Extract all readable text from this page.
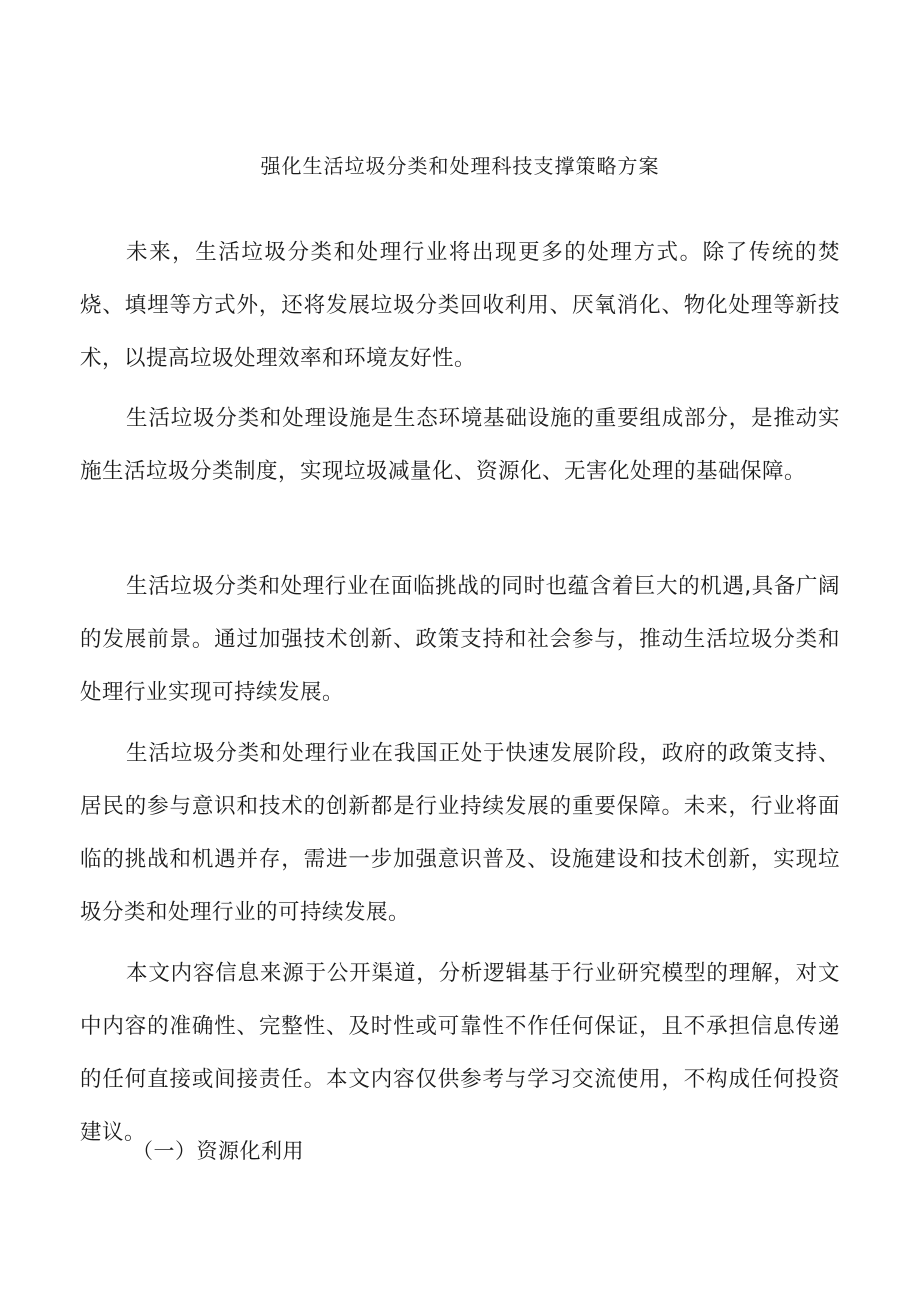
强化生活垃圾分类和处理科技支撑策略方案

未来，生活垃圾分类和处理行业将出现更多的处理方式。除了传统的焚烧、填埋等方式外，还将发展垃圾分类回收利用、厌氧消化、物化处理等新技术，以提高垃圾处理效率和环境友好性。

生活垃圾分类和处理设施是生态环境基础设施的重要组成部分，是推动实施生活垃圾分类制度，实现垃圾减量化、资源化、无害化处理的基础保障。

生活垃圾分类和处理行业在面临挑战的同时也蕴含着巨大的机遇,具备广阔的发展前景。通过加强技术创新、政策支持和社会参与，推动生活垃圾分类和处理行业实现可持续发展。

生活垃圾分类和处理行业在我国正处于快速发展阶段，政府的政策支持、居民的参与意识和技术的创新都是行业持续发展的重要保障。未来，行业将面临的挑战和机遇并存，需进一步加强意识普及、设施建设和技术创新，实现垃圾分类和处理行业的可持续发展。

本文内容信息来源于公开渠道，分析逻辑基于行业研究模型的理解，对文中内容的准确性、完整性、及时性或可靠性不作任何保证，且不承担信息传递的任何直接或间接责任。本文内容仅供参考与学习交流使用，不构成任何投资建议。

（一）资源化利用
